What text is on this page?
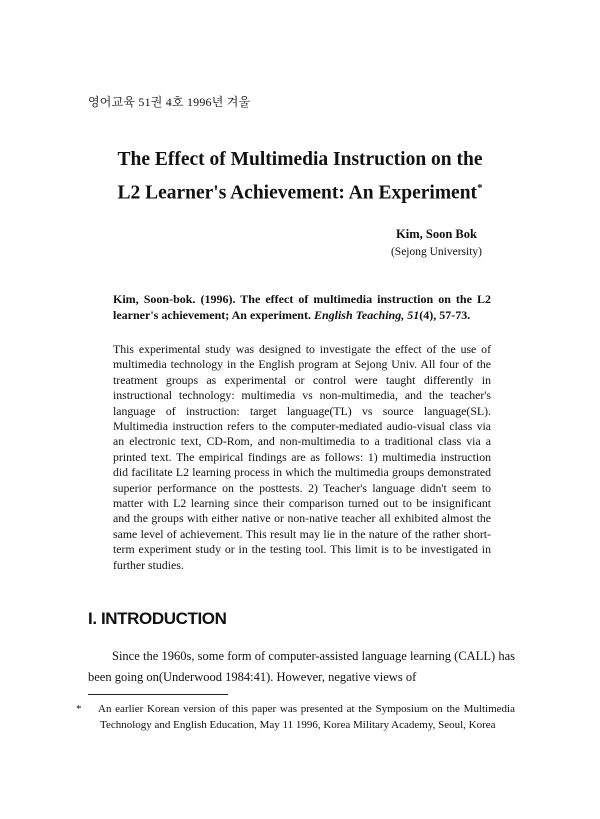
영어교육 51권 4호 1996년 겨울
The Effect of Multimedia Instruction on the
L2 Learner's Achievement: An Experiment*
Kim, Soon Bok
(Sejong University)
Kim, Soon-bok. (1996). The effect of multimedia instruction on the L2 learner's achievement; An experiment. English Teaching, 51(4), 57-73.
This experimental study was designed to investigate the effect of the use of multimedia technology in the English program at Sejong Univ. All four of the treatment groups as experimental or control were taught differently in instructional technology: multimedia vs non-multimedia, and the teacher's language of instruction: target language(TL) vs source language(SL). Multimedia instruction refers to the computer-mediated audio-visual class via an electronic text, CD-Rom, and non-multimedia to a traditional class via a printed text. The empirical findings are as follows: 1) multimedia instruction did facilitate L2 learning process in which the multimedia groups demonstrated superior performance on the posttests. 2) Teacher's language didn't seem to matter with L2 learning since their comparison turned out to be insignificant and the groups with either native or non-native teacher all exhibited almost the same level of achievement. This result may lie in the nature of the rather short-term experiment study or in the testing tool. This limit is to be investigated in further studies.
I. INTRODUCTION
Since the 1960s, some form of computer-assisted language learning (CALL) has been going on(Underwood 1984:41). However, negative views of
* An earlier Korean version of this paper was presented at the Symposium on the Multimedia Technology and English Education, May 11 1996, Korea Military Academy, Seoul, Korea
